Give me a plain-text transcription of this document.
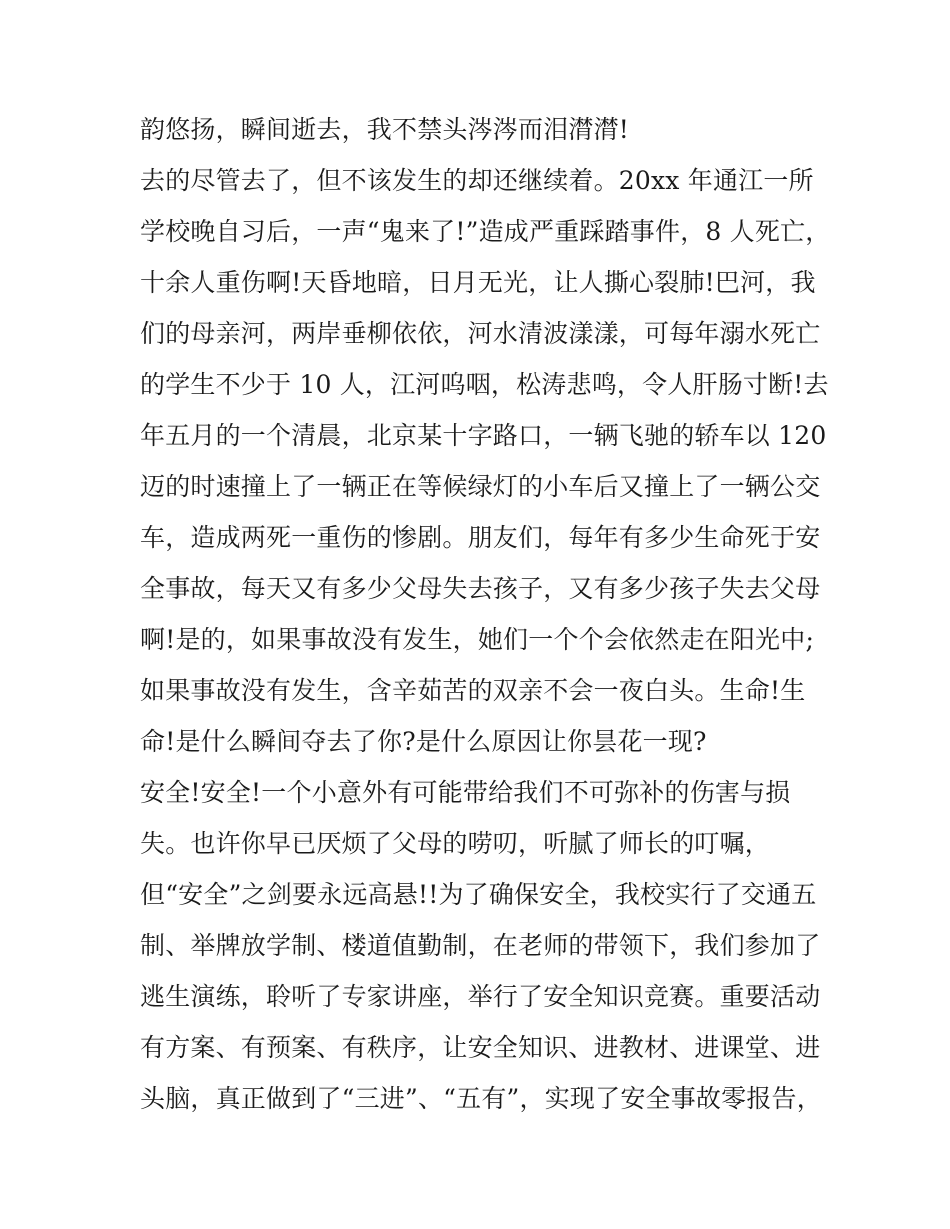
韵悠扬，瞬间逝去，我不禁头涔涔而泪潸潸!
去的尽管去了，但不该发生的却还继续着。20xx 年通江一所
学校晚自习后，一声“鬼来了!”造成严重踩踏事件，8 人死亡，
十余人重伤啊!天昏地暗，日月无光，让人撕心裂肺!巴河，我
们的母亲河，两岸垂柳依依，河水清波漾漾，可每年溺水死亡
的学生不少于 10 人，江河呜咽，松涛悲鸣，令人肝肠寸断!去
年五月的一个清晨，北京某十字路口，一辆飞驰的轿车以 120
迈的时速撞上了一辆正在等候绿灯的小车后又撞上了一辆公交
车，造成两死一重伤的惨剧。朋友们，每年有多少生命死于安
全事故，每天又有多少父母失去孩子，又有多少孩子失去父母
啊!是的，如果事故没有发生，她们一个个会依然走在阳光中;
如果事故没有发生，含辛茹苦的双亲不会一夜白头。生命!生
命!是什么瞬间夺去了你?是什么原因让你昙花一现?
安全!安全!一个小意外有可能带给我们不可弥补的伤害与损
失。也许你早已厌烦了父母的唠叨，听腻了师长的叮嘱，
但“安全”之剑要永远高悬!!为了确保安全，我校实行了交通五
制、举牌放学制、楼道值勤制，在老师的带领下，我们参加了
逃生演练，聆听了专家讲座，举行了安全知识竞赛。重要活动
有方案、有预案、有秩序，让安全知识、进教材、进课堂、进
头脑，真正做到了“三进”、“五有”，实现了安全事故零报告，
